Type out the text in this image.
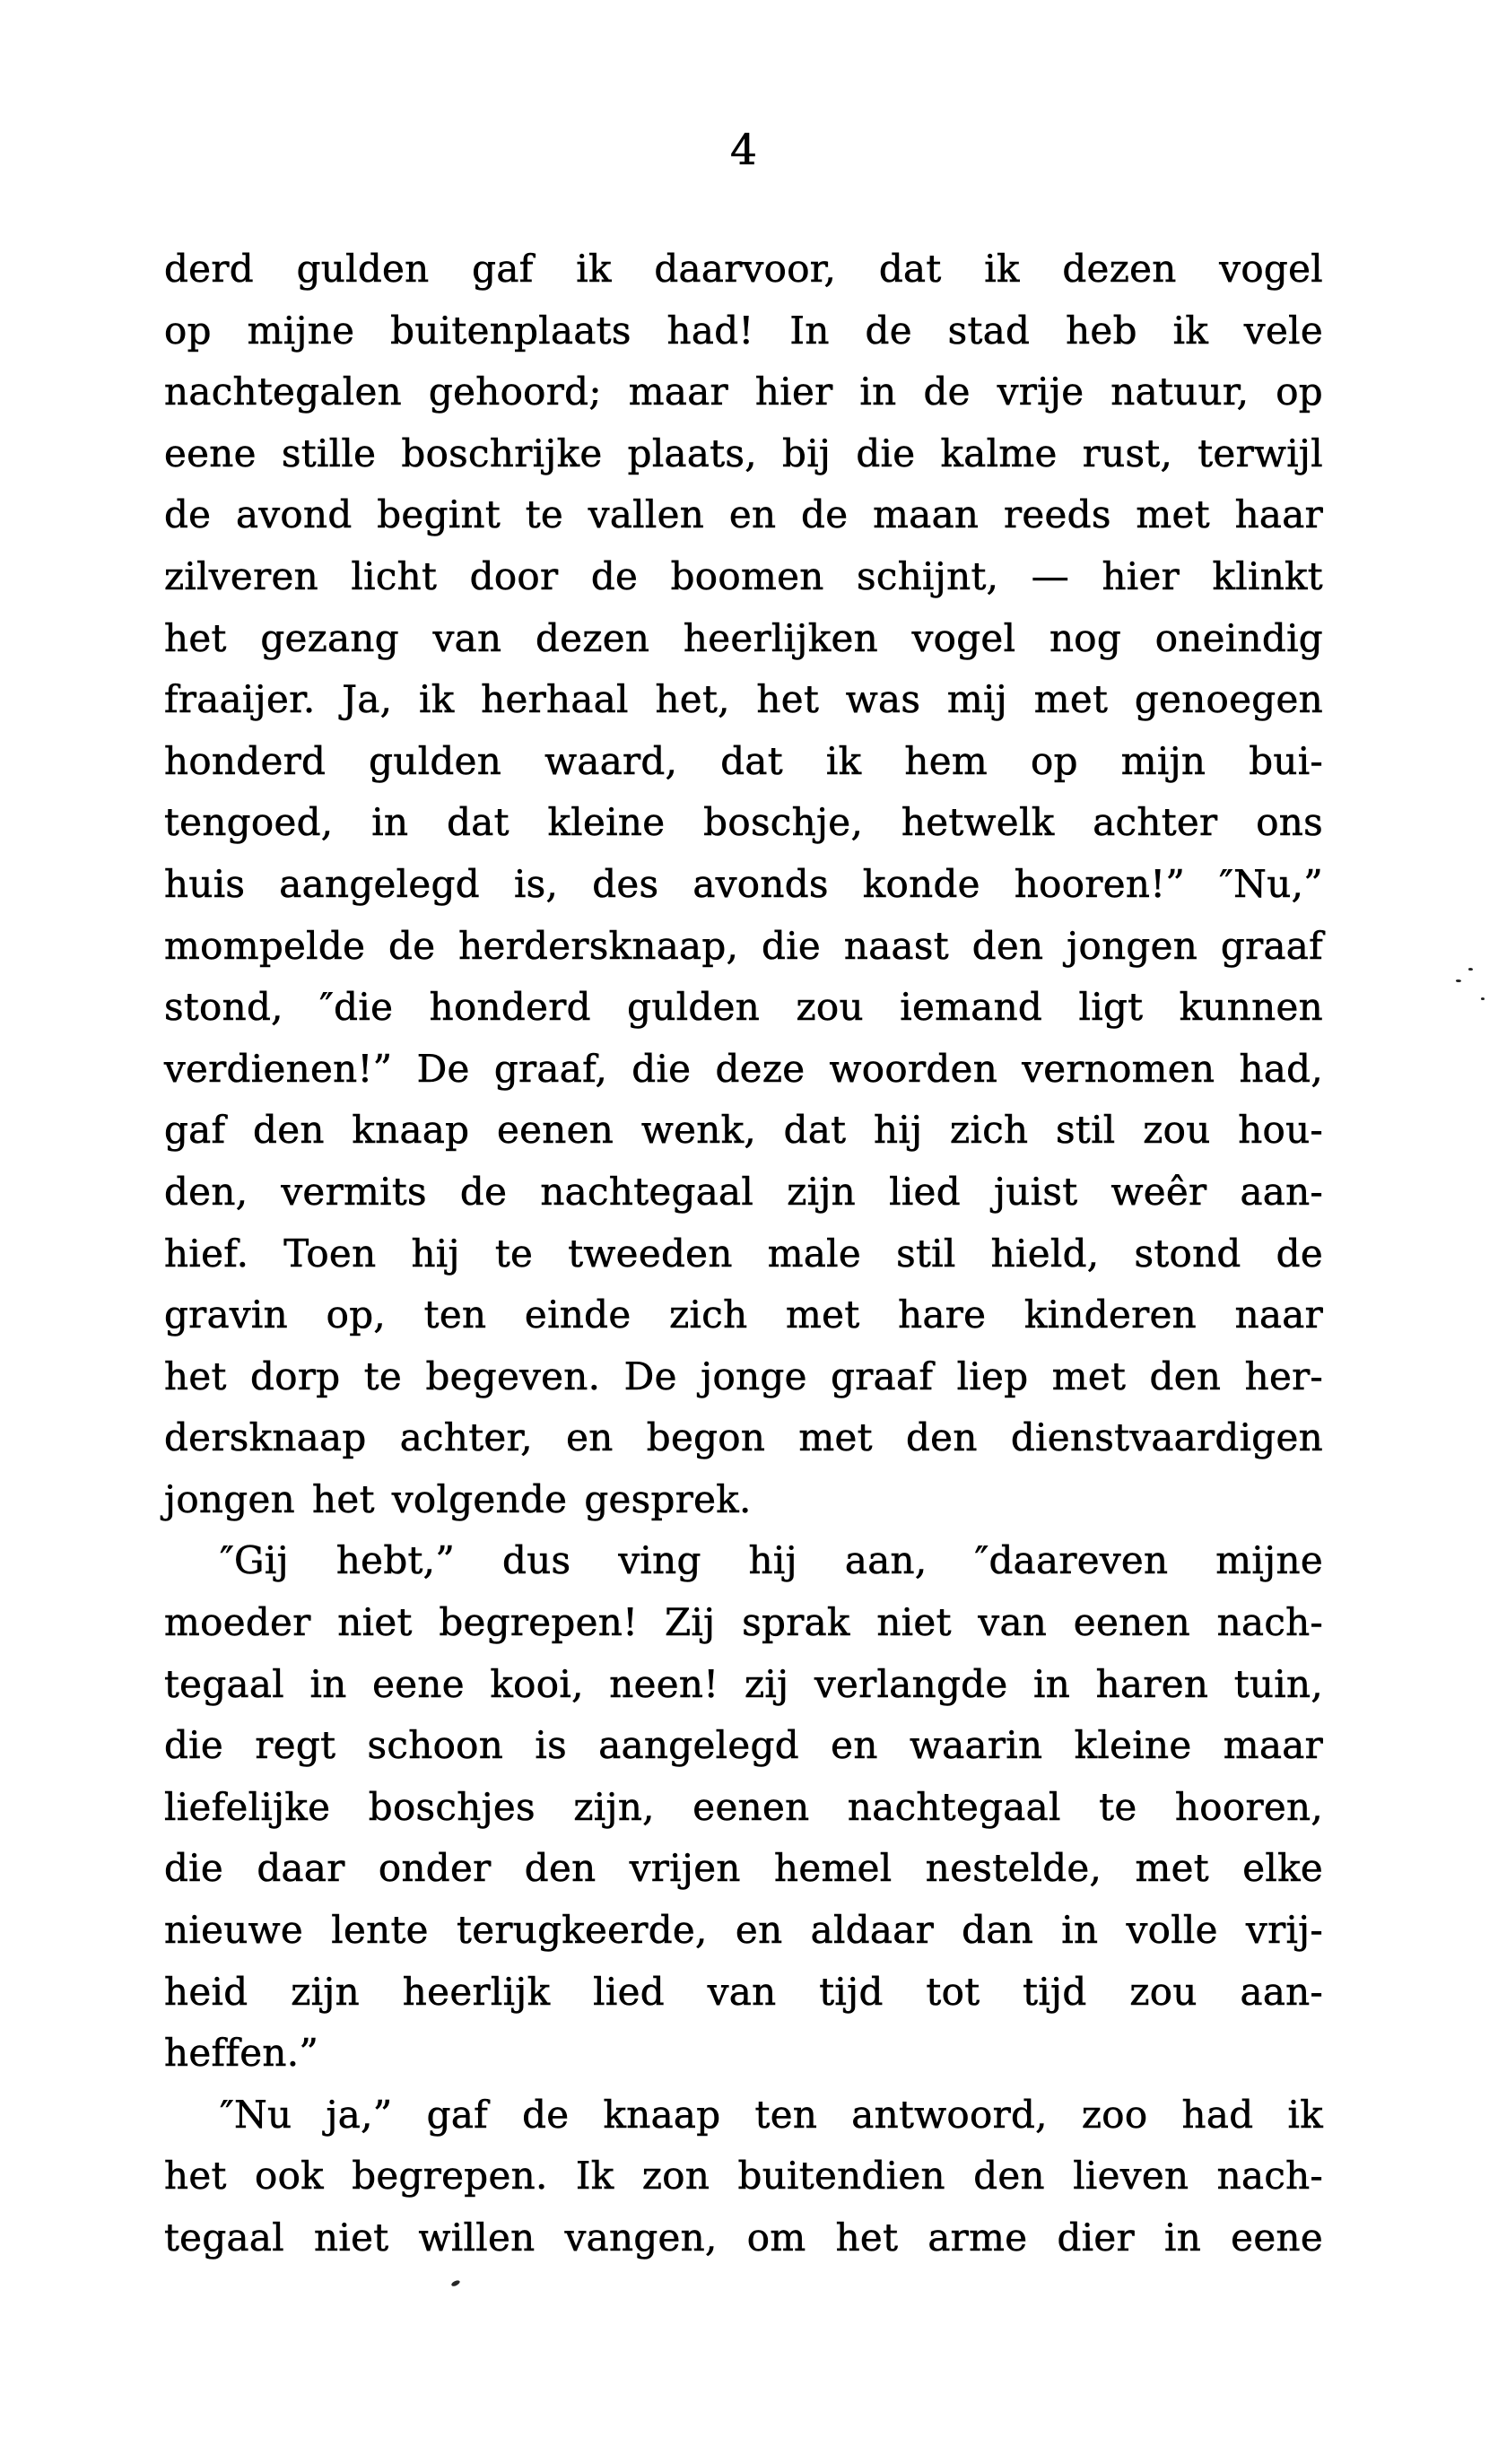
4
derd gulden gaf ik daarvoor, dat ik dezen vogel
op mijne buitenplaats had! In de stad heb ik vele
nachtegalen gehoord; maar hier in de vrije natuur, op
eene stille boschrijke plaats, bij die kalme rust, terwijl
de avond begint te vallen en de maan reeds met haar
zilveren licht door de boomen schijnt, — hier klinkt
het gezang van dezen heerlijken vogel nog oneindig
fraaijer. Ja, ik herhaal het, het was mij met genoegen
honderd gulden waard, dat ik hem op mijn bui-
tengoed, in dat kleine boschje, hetwelk achter ons
huis aangelegd is, des avonds konde hooren!” ″Nu,”
mompelde de herdersknaap, die naast den jongen graaf
stond, ″die honderd gulden zou iemand ligt kunnen
verdienen!” De graaf, die deze woorden vernomen had,
gaf den knaap eenen wenk, dat hij zich stil zou hou-
den, vermits de nachtegaal zijn lied juist weêr aan-
hief. Toen hij te tweeden male stil hield, stond de
gravin op, ten einde zich met hare kinderen naar
het dorp te begeven. De jonge graaf liep met den her-
dersknaap achter, en begon met den dienstvaardigen
jongen het volgende gesprek.
″Gij hebt,” dus ving hij aan, ″daareven mijne
moeder niet begrepen! Zij sprak niet van eenen nach-
tegaal in eene kooi, neen! zij verlangde in haren tuin,
die regt schoon is aangelegd en waarin kleine maar
liefelijke boschjes zijn, eenen nachtegaal te hooren,
die daar onder den vrijen hemel nestelde, met elke
nieuwe lente terugkeerde, en aldaar dan in volle vrij-
heid zijn heerlijk lied van tijd tot tijd zou aan-
heffen.”
″Nu ja,” gaf de knaap ten antwoord, zoo had ik
het ook begrepen. Ik zon buitendien den lieven nach-
tegaal niet willen vangen, om het arme dier in eene
